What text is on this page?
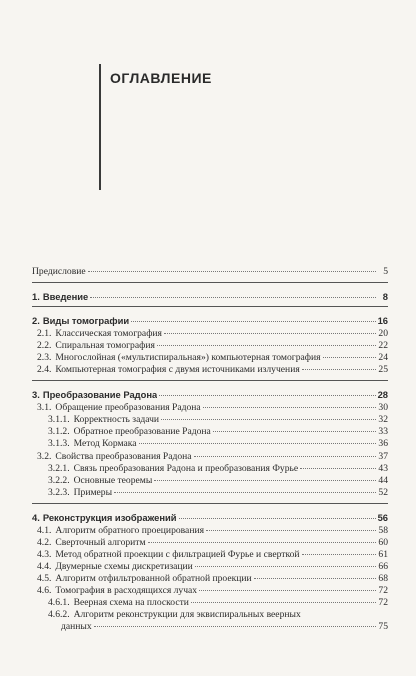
ОГЛАВЛЕНИЕ
Предисловие	5
1. Введение	8
2. Виды томографии	16
2.1. Классическая томография	20
2.2. Спиральная томография	22
2.3. Многослойная («мультиспиральная») компьютерная томография	24
2.4. Компьютерная томография с двумя источниками излучения	25
3. Преобразование Радона	28
3.1. Обращение преобразования Радона	30
3.1.1. Корректность задачи	32
3.1.2. Обратное преобразование Радона	33
3.1.3. Метод Кормака	36
3.2. Свойства преобразования Радона	37
3.2.1. Связь преобразования Радона и преобразования Фурье	43
3.2.2. Основные теоремы	44
3.2.3. Примеры	52
4. Реконструкция изображений	56
4.1. Алгоритм обратного проецирования	58
4.2. Сверточный алгоритм	60
4.3. Метод обратной проекции с фильтрацией Фурье и сверткой	61
4.4. Двумерные схемы дискретизации	66
4.5. Алгоритм отфильтрованной обратной проекции	68
4.6. Томография в расходящихся лучах	72
4.6.1. Веерная схема на плоскости	72
4.6.2. Алгоритм реконструкции для эквиспиральных веерных
данных	75
